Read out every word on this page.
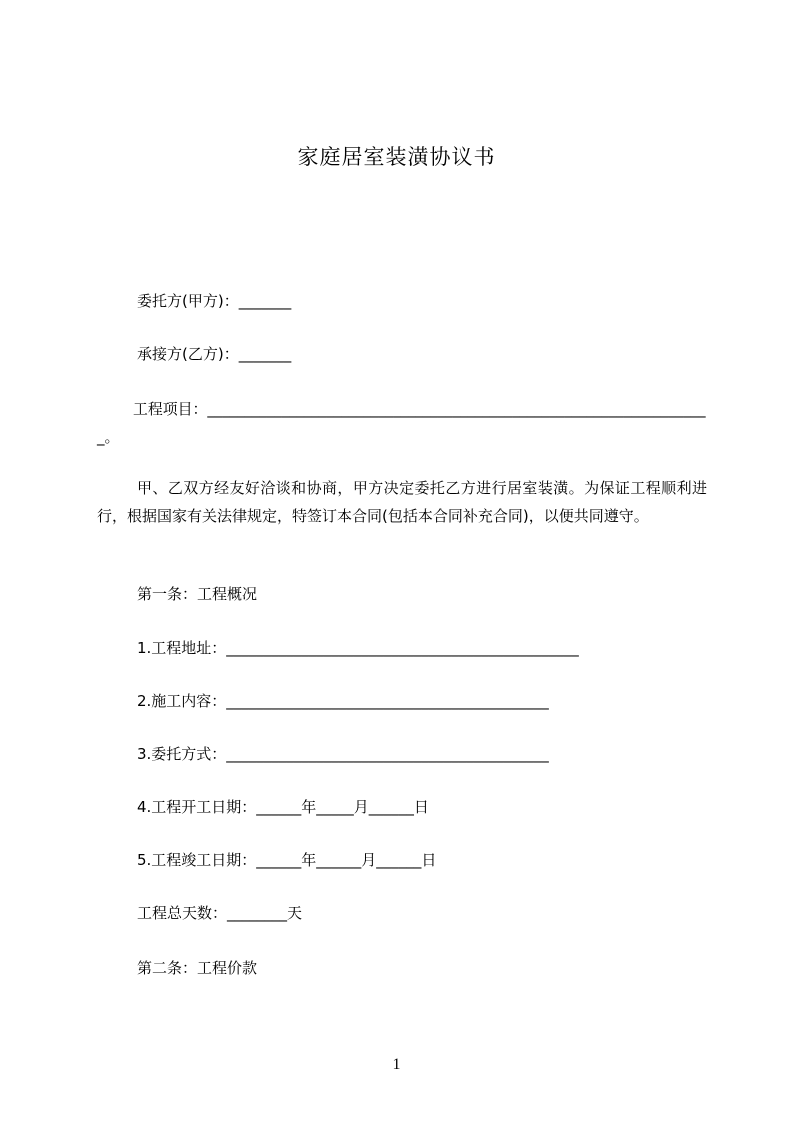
家庭居室装潢协议书
委托方(甲方)：_______
承接方(乙方)：_______
工程项目：___________________________________________________________________
_。
甲、乙双方经友好洽谈和协商，甲方决定委托乙方进行居室装潢。为保证工程顺利进行，根据国家有关法律规定，特签订本合同(包括本合同补充合同)，以便共同遵守。
第一条：工程概况
1.工程地址：_______________________________________________
2.施工内容：___________________________________________
3.委托方式：___________________________________________
4.工程开工日期：______年_____月______日
5.工程竣工日期：______年______月______日
工程总天数：________天
第二条：工程价款
1
